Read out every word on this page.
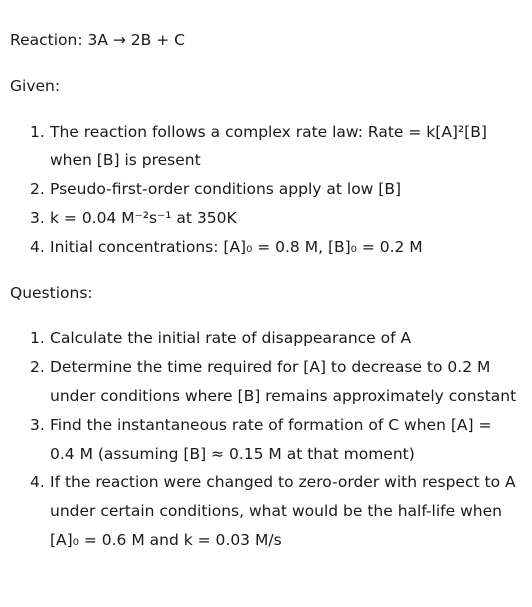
Reaction: 3A → 2B + C

Given:

The reaction follows a complex rate law: Rate = k[A]²[B] when [B] is present
Pseudo-first-order conditions apply at low [B]
k = 0.04 M⁻²s⁻¹ at 350K
Initial concentrations: [A]₀ = 0.8 M, [B]₀ = 0.2 M

Questions:

Calculate the initial rate of disappearance of A
Determine the time required for [A] to decrease to 0.2 M under conditions where [B] remains approximately constant
Find the instantaneous rate of formation of C when [A] = 0.4 M (assuming [B] ≈ 0.15 M at that moment)
If the reaction were changed to zero-order with respect to A under certain conditions, what would be the half-life when [A]₀ = 0.6 M and k = 0.03 M/s
